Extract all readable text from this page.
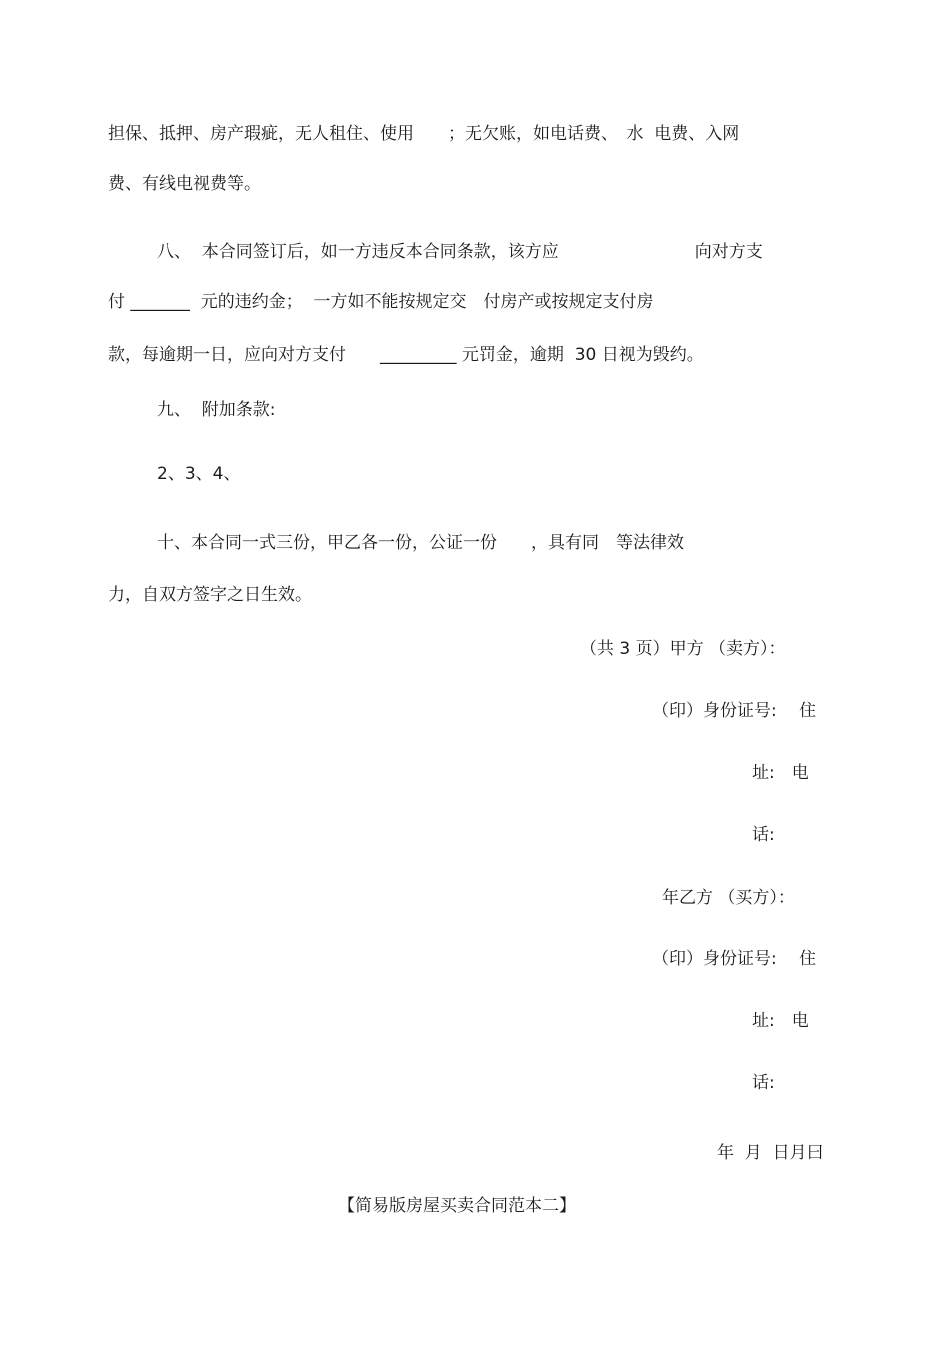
担保、抵押、房产瑕疵，无人租住、使用　　；无欠账，如电话费、　水  电费、入网
费、有线电视费等。
八、  本合同签订后，如一方违反本合同条款，该方应　　　　　　　　向对方支
付 _______  元的违约金；  一方如不能按规定交　付房产或按规定支付房
款，每逾期一日，应向对方支付　　_________ 元罚金，逾期  30 日视为毁约。
九、  附加条款:
2、3、4、
十、本合同一式三份，甲乙各一份，公证一份　　，具有同　等法律效
力，自双方签字之日生效。
（共 3 页）甲方 （卖方）：
（印）身份证号:　 住
址:　电
话:
年乙方 （买方）：
（印）身份证号:　 住
址:　电
话:
年  月  日月曰
【简易版房屋买卖合同范本二】
